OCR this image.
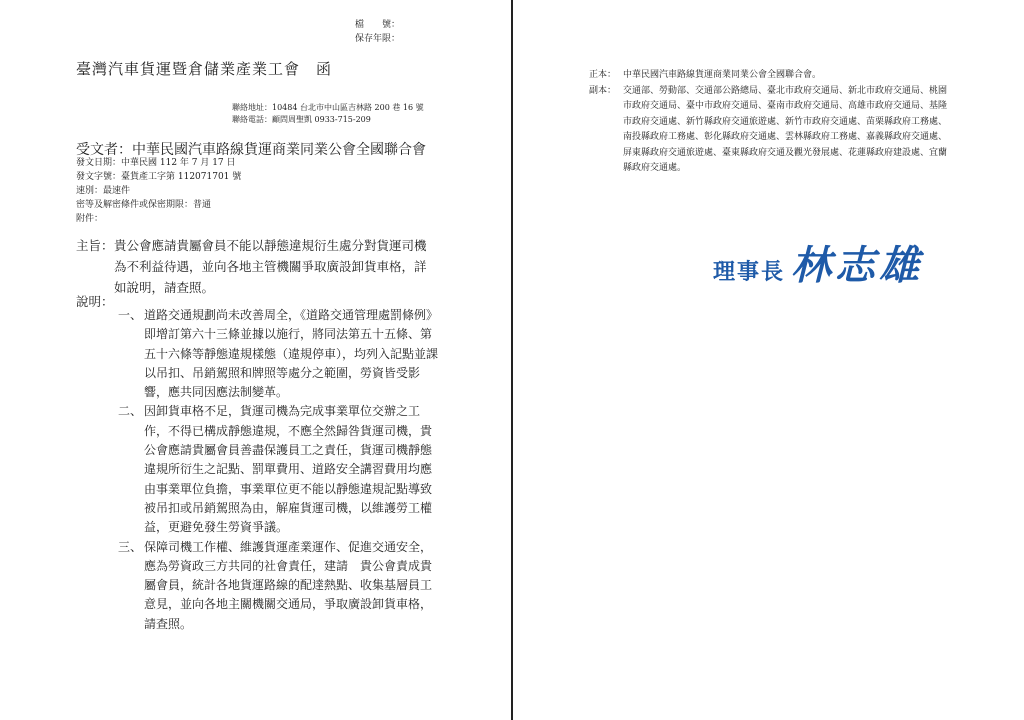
檔　　號：
保存年限：
臺灣汽車貨運暨倉儲業產業工會　函
聯絡地址：10484 台北市中山區吉林路 200 巷 16 號
聯絡電話：顧問周聖凱 0933-715-209
受文者：中華民國汽車路線貨運商業同業公會全國聯合會
發文日期：中華民國 112 年 7 月 17 日
發文字號：臺貨產工字第 112071701 號
速別：最速件
密等及解密條件或保密期限：普通
附件：
主旨： 貴公會應請貴屬會員不能以靜態違規衍生處分對貨運司機為不利益待遇，並向各地主管機關爭取廣設卸貨車格，詳如說明，請查照。
說明：
一、 道路交通規劃尚未改善周全，《道路交通管理處罰條例》即增訂第六十三條並據以施行，將同法第五十五條、第五十六條等靜態違規樣態（違規停車），均列入記點並課以吊扣、吊銷駕照和牌照等處分之範圍，勞資皆受影響，應共同因應法制變革。
二、 因卸貨車格不足，貨運司機為完成事業單位交辦之工作，不得已構成靜態違規，不應全然歸咎貨運司機，貴公會應請貴屬會員善盡保護員工之責任，貨運司機靜態違規所衍生之記點、罰單費用、道路安全講習費用均應由事業單位負擔，事業單位更不能以靜態違規記點導致被吊扣或吊銷駕照為由，解雇貨運司機，以維護勞工權益，更避免發生勞資爭議。
三、 保障司機工作權、維護貨運產業運作、促進交通安全，應為勞資政三方共同的社會責任，建請　貴公會責成貴屬會員，統計各地貨運路線的配達熱點、收集基層員工意見，並向各地主關機關交通局，爭取廣設卸貨車格，請查照。
正本： 中華民國汽車路線貨運商業同業公會全國聯合會。
副本： 交通部、勞動部、交通部公路總局、臺北市政府交通局、新北市政府交通局、桃園市政府交通局、臺中市政府交通局、臺南市政府交通局、高雄市政府交通局、基隆市政府交通處、新竹縣政府交通旅遊處、新竹市政府交通處、苗栗縣政府工務處、南投縣政府工務處、彰化縣政府交通處、雲林縣政府工務處、嘉義縣政府交通處、屏東縣政府交通旅遊處、臺東縣政府交通及觀光發展處、花蓮縣政府建設處、宜蘭縣政府交通處。
理事長 林志雄
